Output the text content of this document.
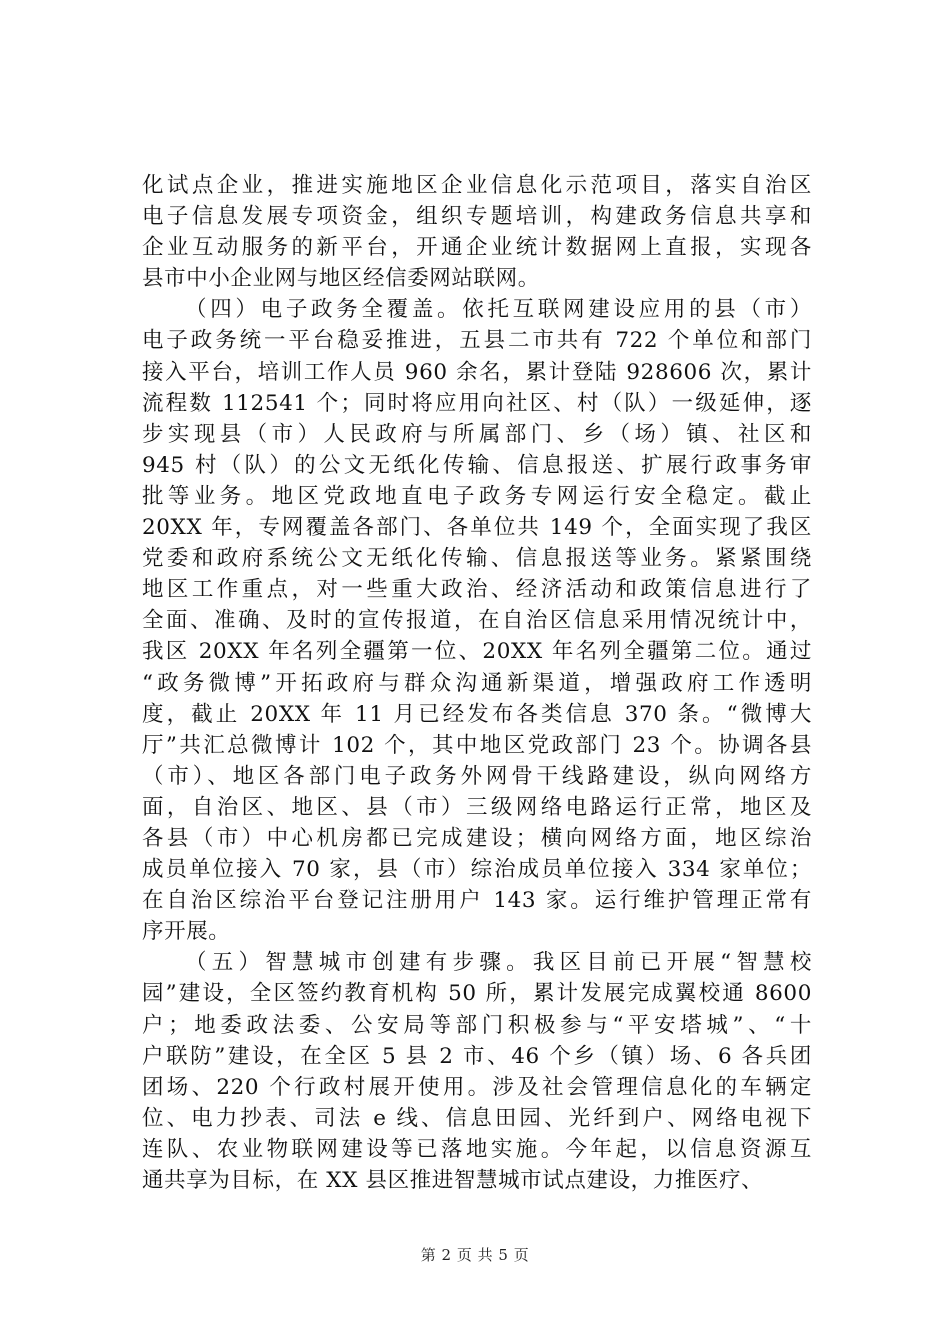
化试点企业，推进实施地区企业信息化示范项目，落实自治区
电子信息发展专项资金，组织专题培训，构建政务信息共享和
企业互动服务的新平台，开通企业统计数据网上直报，实现各
县市中小企业网与地区经信委网站联网。
（四）电子政务全覆盖。依托互联网建设应用的县（市）
电子政务统一平台稳妥推进，五县二市共有 722 个单位和部门
接入平台，培训工作人员 960 余名，累计登陆 928606 次，累计
流程数 112541 个；同时将应用向社区、村（队）一级延伸，逐
步实现县（市）人民政府与所属部门、乡（场）镇、社区和
945 村（队）的公文无纸化传输、信息报送、扩展行政事务审
批等业务。地区党政地直电子政务专网运行安全稳定。截止
20XX 年，专网覆盖各部门、各单位共 149 个，全面实现了我区
党委和政府系统公文无纸化传输、信息报送等业务。紧紧围绕
地区工作重点，对一些重大政治、经济活动和政策信息进行了
全面、准确、及时的宣传报道，在自治区信息采用情况统计中，
我区 20XX 年名列全疆第一位、20XX 年名列全疆第二位。通过
“政务微博”开拓政府与群众沟通新渠道，增强政府工作透明
度，截止 20XX 年 11 月已经发布各类信息 370 条。“微博大
厅”共汇总微博计 102 个，其中地区党政部门 23 个。协调各县
（市）、地区各部门电子政务外网骨干线路建设，纵向网络方
面，自治区、地区、县（市）三级网络电路运行正常，地区及
各县（市）中心机房都已完成建设；横向网络方面，地区综治
成员单位接入 70 家，县（市）综治成员单位接入 334 家单位；
在自治区综治平台登记注册用户 143 家。运行维护管理正常有
序开展。
（五）智慧城市创建有步骤。我区目前已开展“智慧校
园”建设，全区签约教育机构 50 所，累计发展完成翼校通 8600
户；地委政法委、公安局等部门积极参与“平安塔城”、“十
户联防”建设，在全区 5 县 2 市、46 个乡（镇）场、6 各兵团
团场、220 个行政村展开使用。涉及社会管理信息化的车辆定
位、电力抄表、司法 e 线、信息田园、光纤到户、网络电视下
连队、农业物联网建设等已落地实施。今年起，以信息资源互
通共享为目标，在 XX 县区推进智慧城市试点建设，力推医疗、
第 2 页 共 5 页
